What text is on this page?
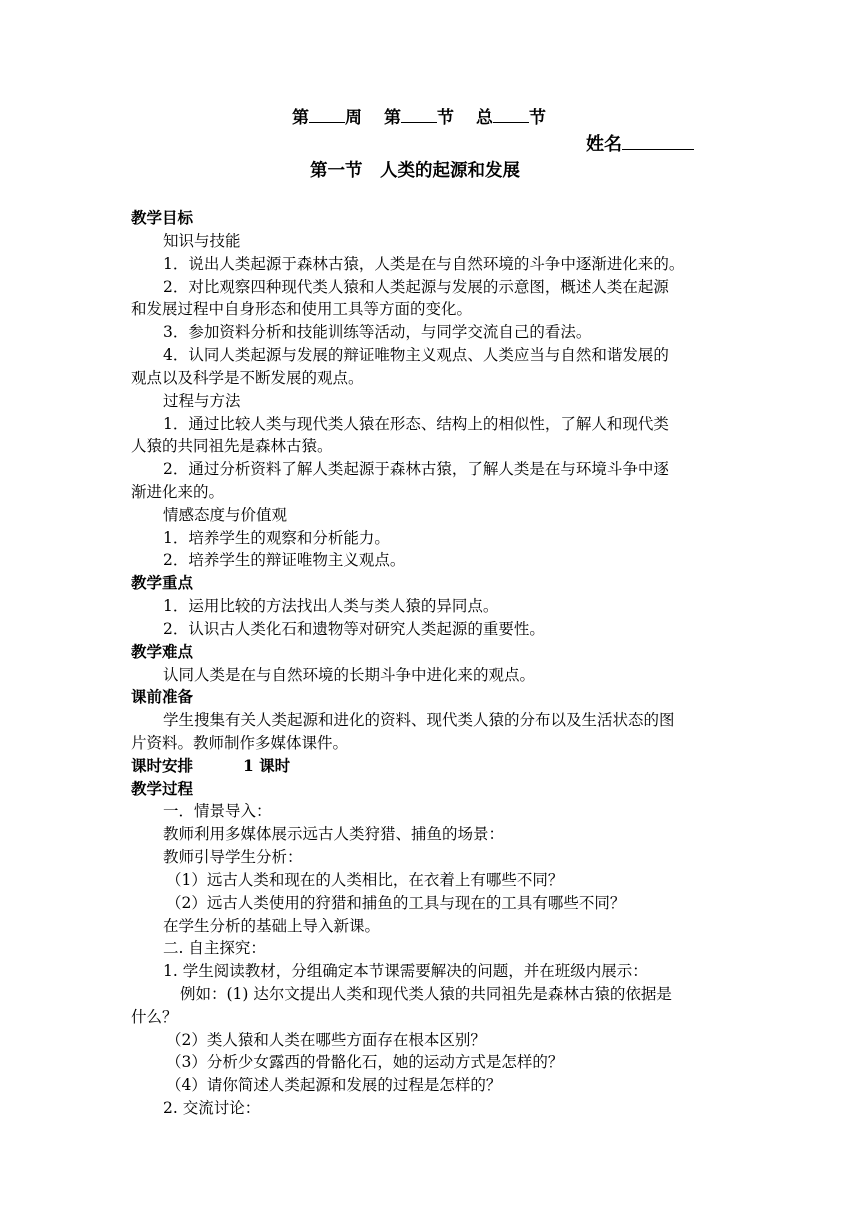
第 周 第 节 总 节
姓名
第一节　人类的起源和发展
教学目标
知识与技能
1．说出人类起源于森林古猿，人类是在与自然环境的斗争中逐渐进化来的。
2．对比观察四种现代类人猿和人类起源与发展的示意图，概述人类在起源
和发展过程中自身形态和使用工具等方面的变化。
3．参加资料分析和技能训练等活动，与同学交流自己的看法。
4．认同人类起源与发展的辩证唯物主义观点、人类应当与自然和谐发展的
观点以及科学是不断发展的观点。
过程与方法
1．通过比较人类与现代类人猿在形态、结构上的相似性，了解人和现代类
人猿的共同祖先是森林古猿。
2．通过分析资料了解人类起源于森林古猿，了解人类是在与环境斗争中逐
渐进化来的。
情感态度与价值观
1．培养学生的观察和分析能力。
2．培养学生的辩证唯物主义观点。
教学重点
1．运用比较的方法找出人类与类人猿的异同点。
2．认识古人类化石和遗物等对研究人类起源的重要性。
教学难点
认同人类是在与自然环境的长期斗争中进化来的观点。
课前准备
学生搜集有关人类起源和进化的资料、现代类人猿的分布以及生活状态的图
片资料。教师制作多媒体课件。
课时安排	1 课时
教学过程
一．情景导入：
教师利用多媒体展示远古人类狩猎、捕鱼的场景：
教师引导学生分析：
（1）远古人类和现在的人类相比，在衣着上有哪些不同？
（2）远古人类使用的狩猎和捕鱼的工具与现在的工具有哪些不同？
在学生分析的基础上导入新课。
二. 自主探究：
1. 学生阅读教材，分组确定本节课需要解决的问题，并在班级内展示：
例如：(1) 达尔文提出人类和现代类人猿的共同祖先是森林古猿的依据是
什么？
（2）类人猿和人类在哪些方面存在根本区别？
（3）分析少女露西的骨骼化石，她的运动方式是怎样的？
（4）请你简述人类起源和发展的过程是怎样的？
2. 交流讨论：
